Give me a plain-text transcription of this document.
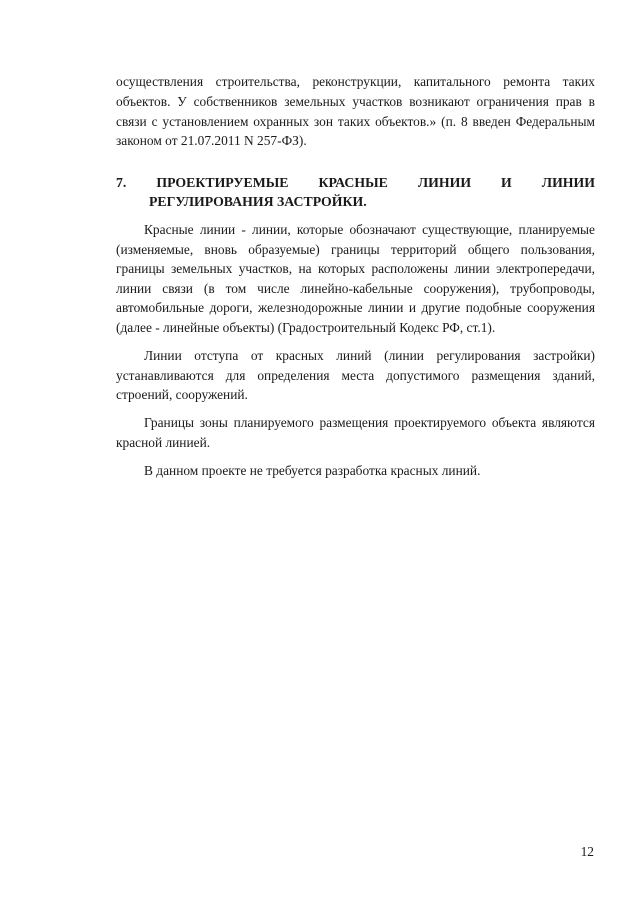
осуществления строительства, реконструкции, капитального ремонта таких
объектов. У собственников земельных участков возникают ограничения прав в
связи с установлением охранных зон таких объектов.» (п. 8 введен Федеральным
законом от 21.07.2011 N 257-ФЗ).
7. ПРОЕКТИРУЕМЫЕ КРАСНЫЕ ЛИНИИ И ЛИНИИ
РЕГУЛИРОВАНИЯ ЗАСТРОЙКИ.
Красные линии - линии, которые обозначают существующие, планируемые
(изменяемые, вновь образуемые) границы территорий общего пользования,
границы земельных участков, на которых расположены линии электропередачи,
линии связи (в том числе линейно-кабельные сооружения), трубопроводы,
автомобильные дороги, железнодорожные линии и другие подобные сооружения
(далее - линейные объекты) (Градостроительный Кодекс РФ, ст.1).
Линии отступа от красных линий (линии регулирования застройки)
устанавливаются для определения места допустимого размещения зданий,
строений, сооружений.
Границы зоны планируемого размещения проектируемого объекта являются
красной линией.
В данном проекте не требуется разработка красных линий.
12
